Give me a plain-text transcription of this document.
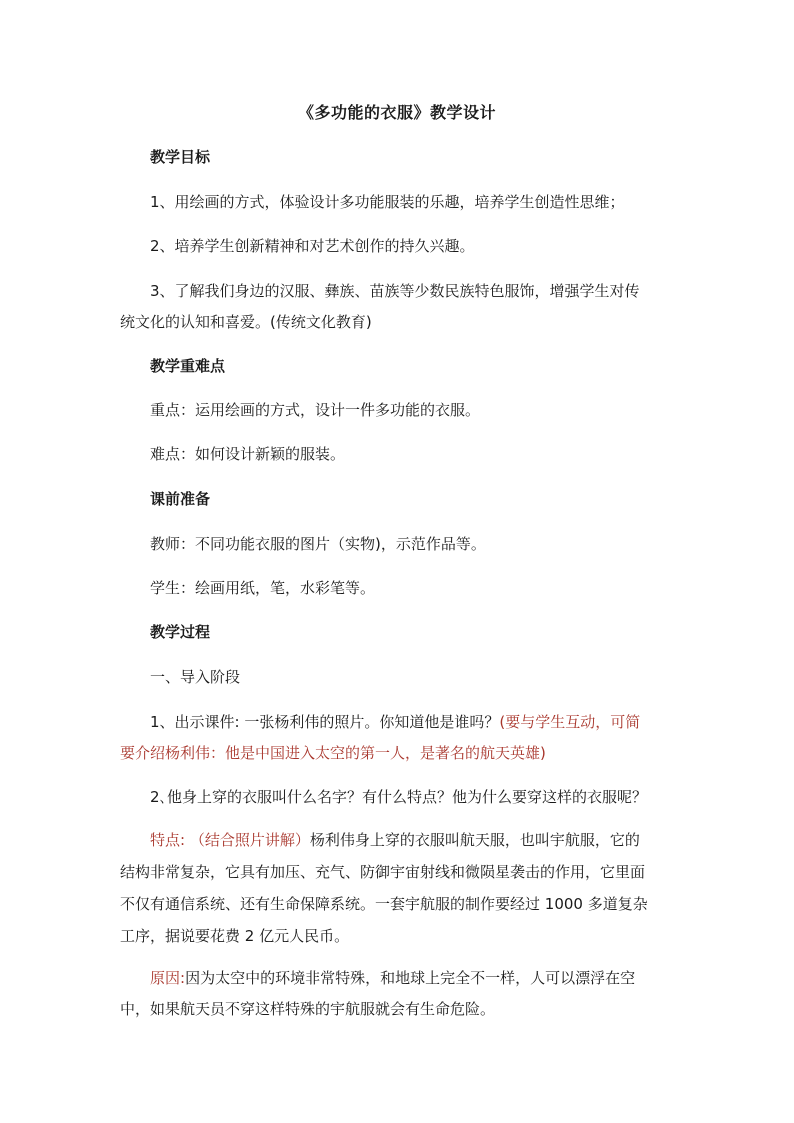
《多功能的衣服》教学设计
教学目标
1、用绘画的方式，体验设计多功能服装的乐趣，培养学生创造性思维；
2、培养学生创新精神和对艺术创作的持久兴趣。
3、了解我们身边的汉服、彝族、苗族等少数民族特色服饰，增强学生对传
统文化的认知和喜爱。(传统文化教育)
教学重难点
重点：运用绘画的方式，设计一件多功能的衣服。
难点：如何设计新颖的服装。
课前准备
教师：不同功能衣服的图片（实物)，示范作品等。
学生：绘画用纸，笔，水彩笔等。
教学过程
一、导入阶段
1、出示课件: 一张杨利伟的照片。你知道他是谁吗？(要与学生互动，可简
要介绍杨利伟：他是中国进入太空的第一人，是著名的航天英雄)
2､他身上穿的衣服叫什么名字？有什么特点？他为什么要穿这样的衣服呢？
特点: （结合照片讲解）杨利伟身上穿的衣服叫航天服，也叫宇航服，它的
结构非常复杂，它具有加压、充气、防御宇宙射线和微陨星袭击的作用，它里面
不仅有通信系统、还有生命保障系统。一套宇航服的制作要经过 1000 多道复杂
工序，据说要花费 2 亿元人民币。
原因:因为太空中的环境非常特殊，和地球上完全不一样，人可以漂浮在空
中，如果航天员不穿这样特殊的宇航服就会有生命危险。
